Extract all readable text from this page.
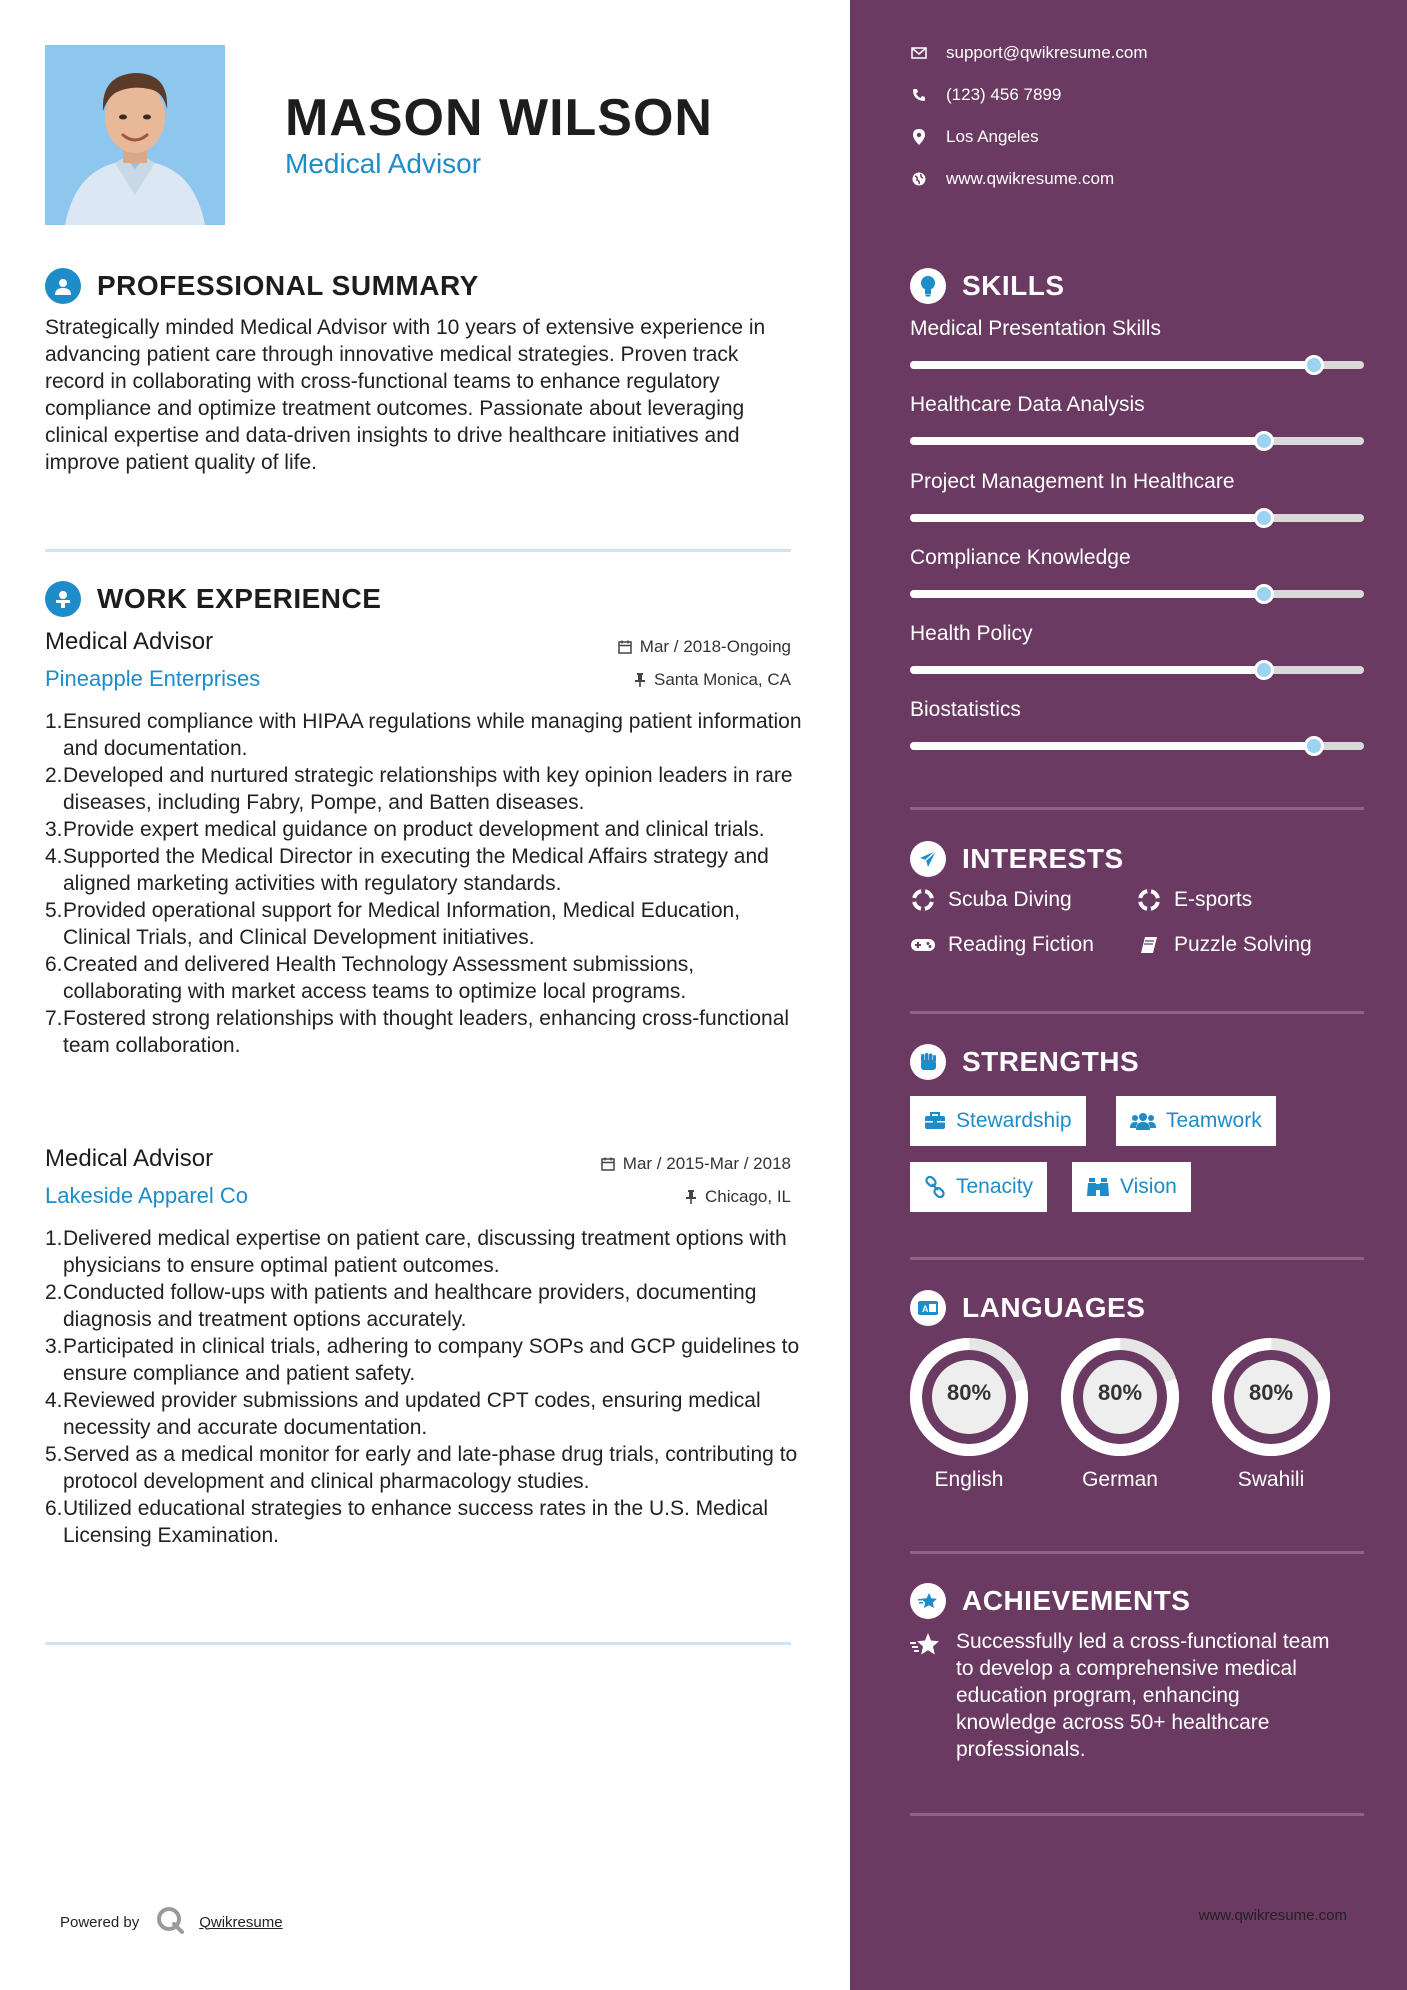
MASON WILSON
Medical Advisor
PROFESSIONAL SUMMARY
Strategically minded Medical Advisor with 10 years of extensive experience in advancing patient care through innovative medical strategies. Proven track record in collaborating with cross-functional teams to enhance regulatory compliance and optimize treatment outcomes. Passionate about leveraging clinical expertise and data-driven insights to drive healthcare initiatives and improve patient quality of life.
WORK EXPERIENCE
Medical Advisor	Mar / 2018-Ongoing
Pineapple Enterprises	Santa Monica, CA
1. Ensured compliance with HIPAA regulations while managing patient information and documentation.
2. Developed and nurtured strategic relationships with key opinion leaders in rare diseases, including Fabry, Pompe, and Batten diseases.
3. Provide expert medical guidance on product development and clinical trials.
4. Supported the Medical Director in executing the Medical Affairs strategy and aligned marketing activities with regulatory standards.
5. Provided operational support for Medical Information, Medical Education, Clinical Trials, and Clinical Development initiatives.
6. Created and delivered Health Technology Assessment submissions, collaborating with market access teams to optimize local programs.
7. Fostered strong relationships with thought leaders, enhancing cross-functional team collaboration.
Medical Advisor	Mar / 2015-Mar / 2018
Lakeside Apparel Co	Chicago, IL
1. Delivered medical expertise on patient care, discussing treatment options with physicians to ensure optimal patient outcomes.
2. Conducted follow-ups with patients and healthcare providers, documenting diagnosis and treatment options accurately.
3. Participated in clinical trials, adhering to company SOPs and GCP guidelines to ensure compliance and patient safety.
4. Reviewed provider submissions and updated CPT codes, ensuring medical necessity and accurate documentation.
5. Served as a medical monitor for early and late-phase drug trials, contributing to protocol development and clinical pharmacology studies.
6. Utilized educational strategies to enhance success rates in the U.S. Medical Licensing Examination.
Powered by	Qwikresume
support@qwikresume.com
(123) 456 7899
Los Angeles
www.qwikresume.com
SKILLS
Medical Presentation Skills
Healthcare Data Analysis
Project Management In Healthcare
Compliance Knowledge
Health Policy
Biostatistics
INTERESTS
Scuba Diving	E-sports
Reading Fiction	Puzzle Solving
STRENGTHS
Stewardship	Teamwork
Tenacity	Vision
A LANGUAGES
80%
English
80%
German
80%
Swahili
ACHIEVEMENTS
Successfully led a cross-functional team to develop a comprehensive medical education program, enhancing knowledge across 50+ healthcare professionals.
www.qwikresume.com
